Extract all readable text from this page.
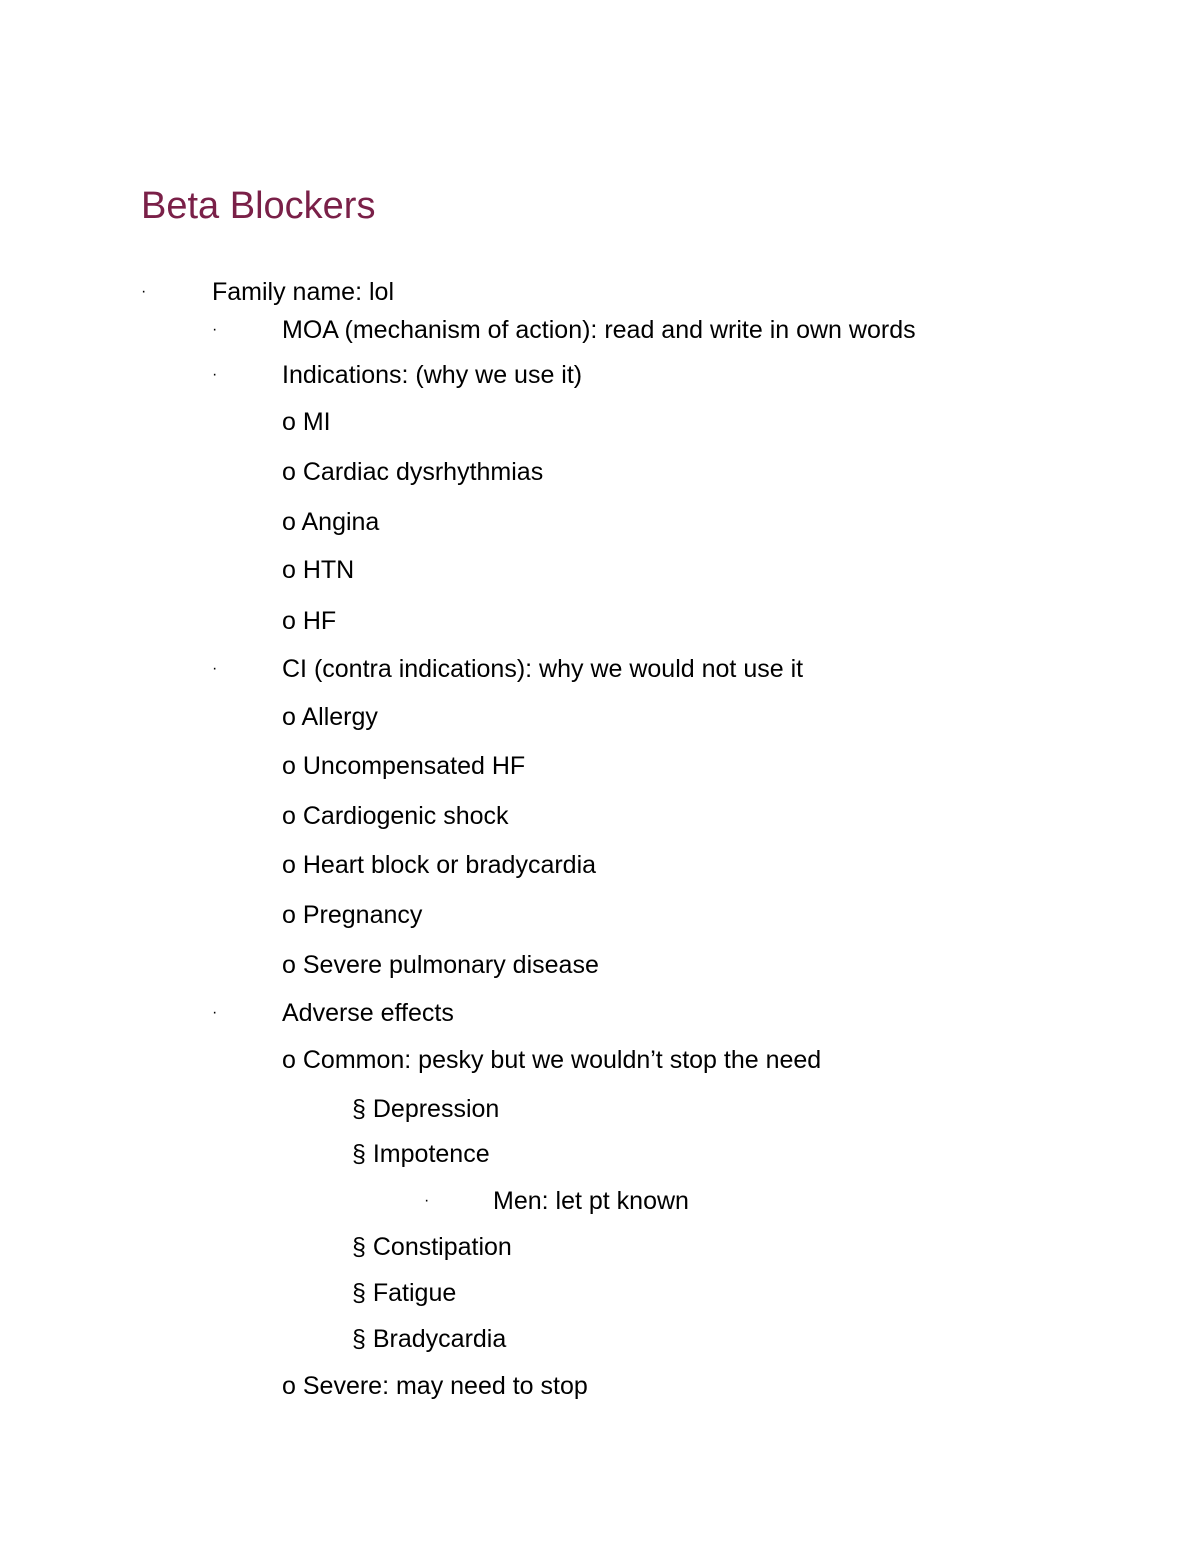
Beta Blockers
·	Family name: lol
·	MOA (mechanism of action): read and write in own words
·	Indications: (why we use it)
o MI
o Cardiac dysrhythmias
o Angina
o HTN
o HF
·	CI (contra indications): why we would not use it
o Allergy
o Uncompensated HF
o Cardiogenic shock
o Heart block or bradycardia
o Pregnancy
o Severe pulmonary disease
·	Adverse effects
o Common: pesky but we wouldn’t stop the need
§ Depression
§ Impotence
·	Men: let pt known
§ Constipation
§ Fatigue
§ Bradycardia
o Severe: may need to stop
